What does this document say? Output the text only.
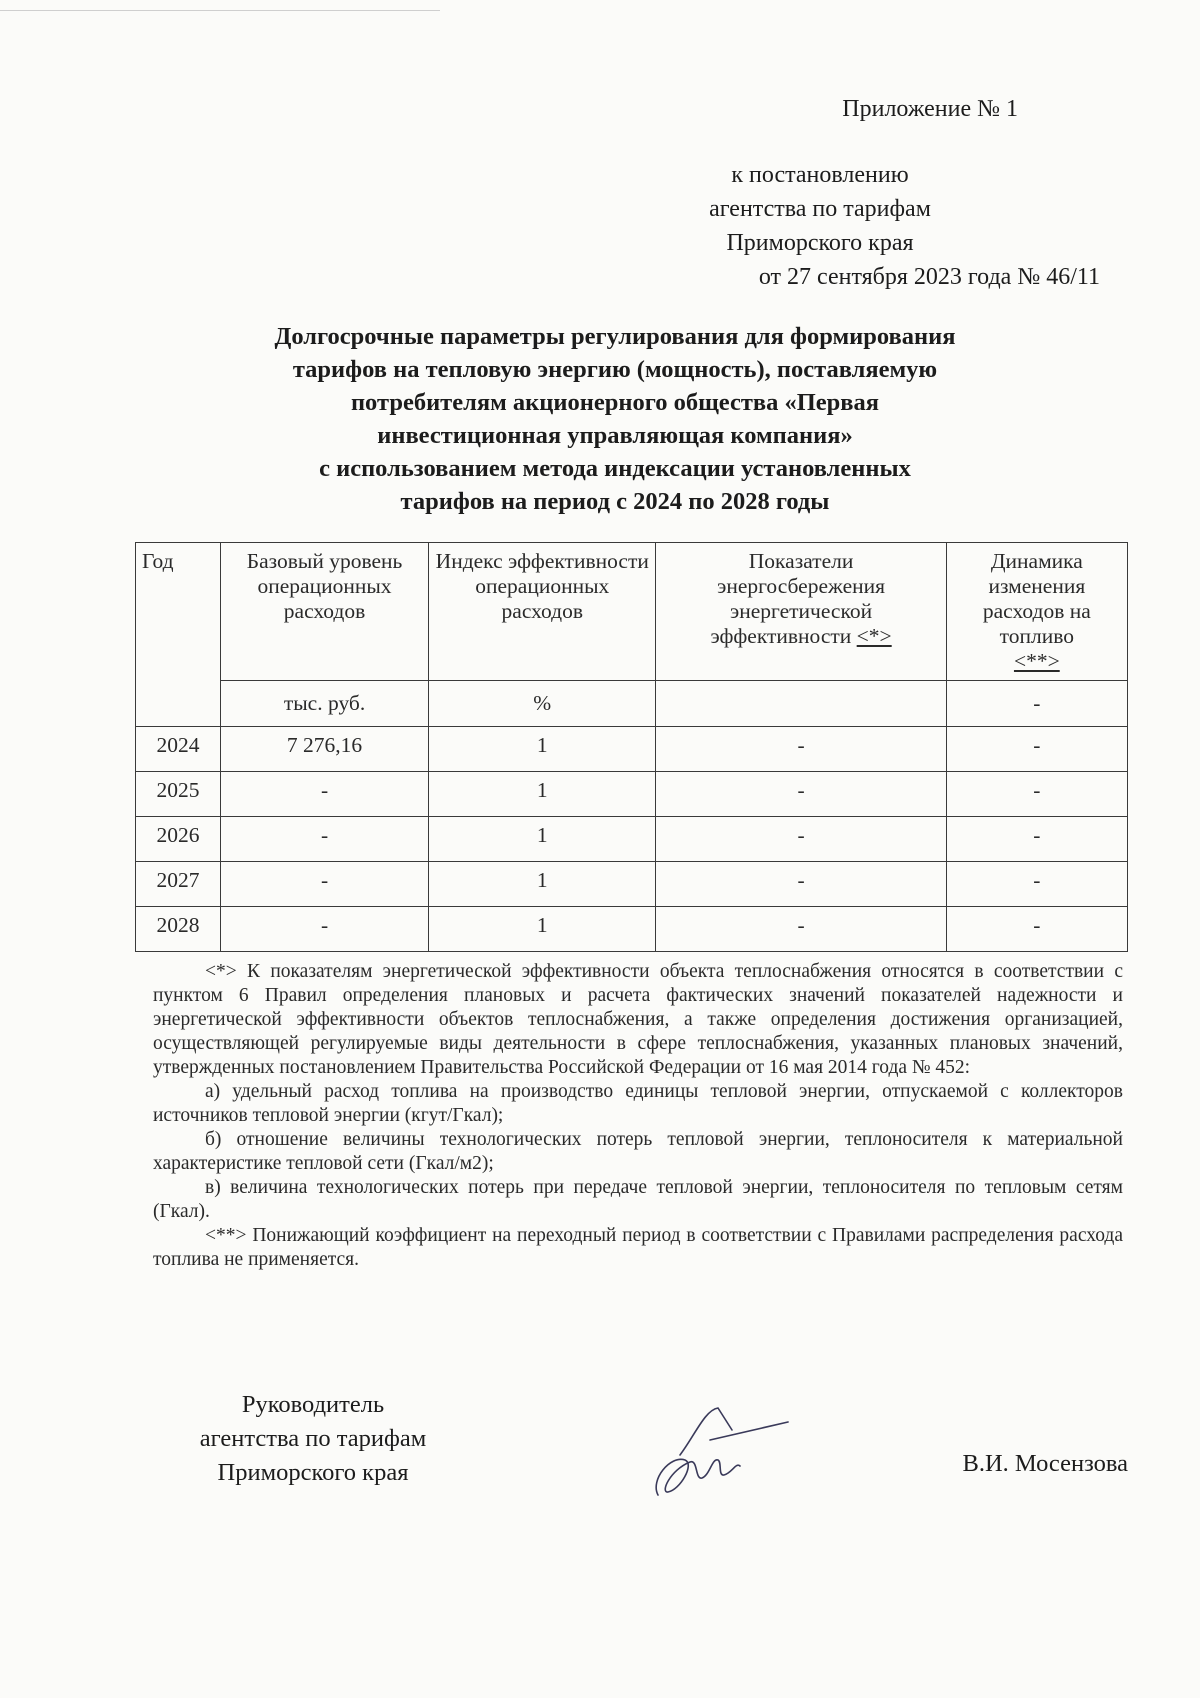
Приложение № 1
к постановлению
агентства по тарифам
Приморского края
от 27 сентября 2023 года № 46/11
Долгосрочные параметры регулирования для формирования
тарифов на тепловую энергию (мощность), поставляемую
потребителям акционерного общества «Первая
инвестиционная управляющая компания»
с использованием метода индексации установленных
тарифов на период с 2024 по 2028 годы
Год	Базовый уровень операционных расходов	Индекс эффективности операционных расходов	Показатели энергосбережения энергетической эффективности <*>	Динамика изменения расходов на топливо
<**>
	тыс. руб.	%		-
2024	7 276,16	1	-	-
2025	-	1	-	-
2026	-	1	-	-
2027	-	1	-	-
2028	-	1	-	-

<*> К показателям энергетической эффективности объекта теплоснабжения относятся в соответствии с пунктом 6 Правил определения плановых и расчета фактических значений показателей надежности и энергетической эффективности объектов теплоснабжения, а также определения достижения организацией, осуществляющей регулируемые виды деятельности в сфере теплоснабжения, указанных плановых значений, утвержденных постановлением Правительства Российской Федерации от 16 мая 2014 года № 452:

а) удельный расход топлива на производство единицы тепловой энергии, отпускаемой с коллекторов источников тепловой энергии (кгут/Гкал);

б) отношение величины технологических потерь тепловой энергии, теплоносителя к материальной характеристике тепловой сети (Гкал/м2);

в) величина технологических потерь при передаче тепловой энергии, теплоносителя по тепловым сетям (Гкал).

<**> Понижающий коэффициент на переходный период в соответствии с Правилами распределения расхода топлива не применяется.

Руководитель
агентства по тарифам
Приморского края	В.И. Мосензова
